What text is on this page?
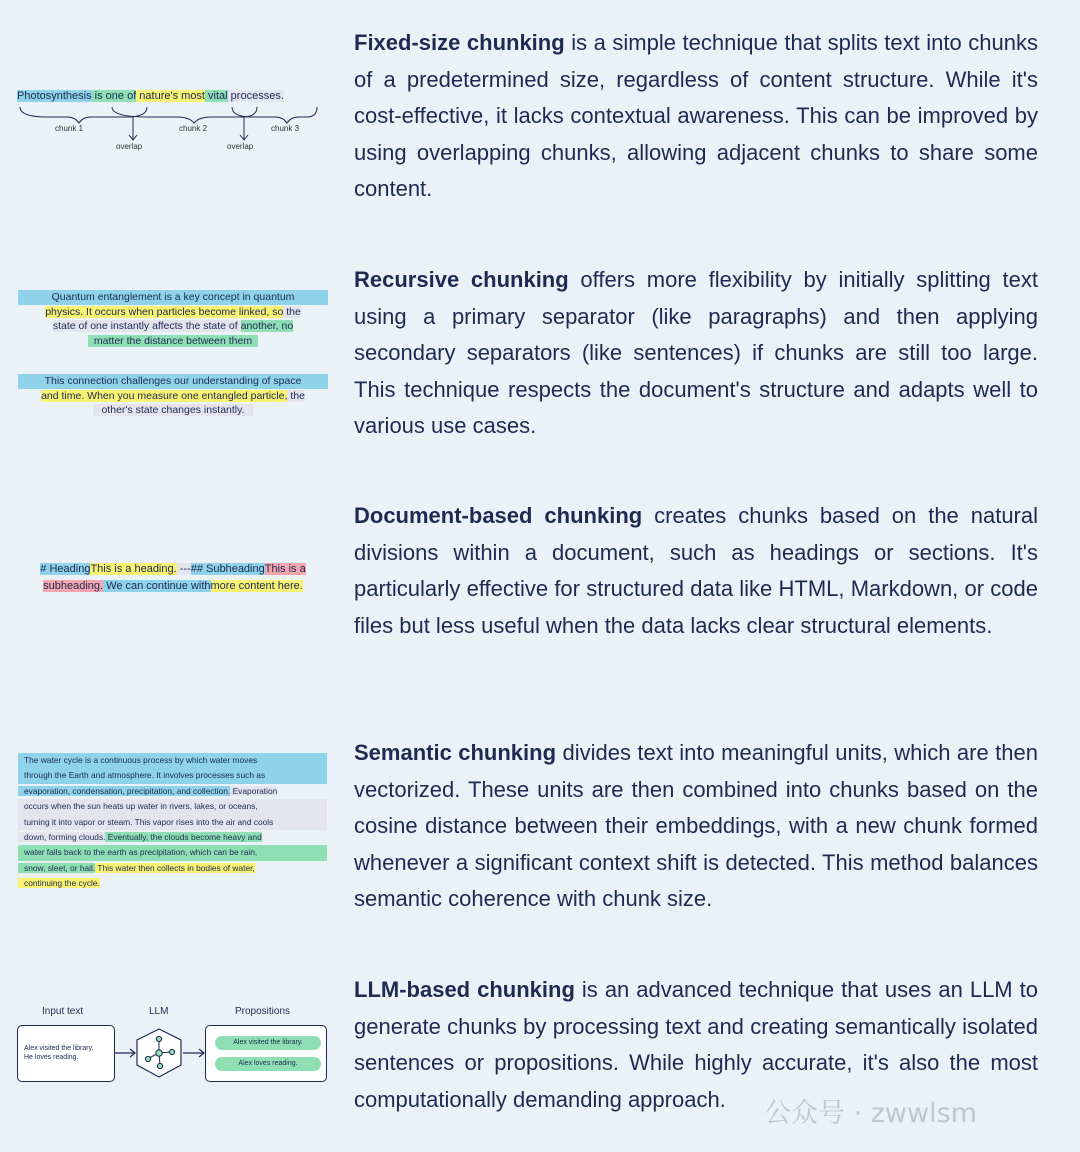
Photosynthesis is one of nature's most vital processes.
chunk 1	chunk 2	chunk 3
overlap	overlap
Fixed-size chunking is a simple technique that splits text into chunks of a predetermined size, regardless of content structure. While it's cost-effective, it lacks contextual awareness. This can be improved by using overlapping chunks, allowing adjacent chunks to share some content.
Quantum entanglement is a key concept in quantum
physics. It occurs when particles become linked, so the
state of one instantly affects the state of another, no
matter the distance between them
This connection challenges our understanding of space
and time. When you measure one entangled particle, the
other's state changes instantly.
Recursive chunking offers more flexibility by initially splitting text using a primary separator (like paragraphs) and then applying secondary separators (like sentences) if chunks are still too large. This technique respects the document's structure and adapts well to various use cases.
# HeadingThis is a heading. ---## SubheadingThis is a
subheading. We can continue withmore content here.
Document-based chunking creates chunks based on the natural divisions within a document, such as headings or sections. It's particularly effective for structured data like HTML, Markdown, or code files but less useful when the data lacks clear structural elements.
The water cycle is a continuous process by which water moves
through the Earth and atmosphere. It involves processes such as
evaporation, condensation, precipitation, and collection. Evaporation
occurs when the sun heats up water in rivers, lakes, or oceans,
turning it into vapor or steam. This vapor rises into the air and cools
down, forming clouds. Eventually, the clouds become heavy and
water falls back to the earth as precipitation, which can be rain,
snow, sleet, or hail. This water then collects in bodies of water,
continuing the cycle.
Semantic chunking divides text into meaningful units, which are then vectorized. These units are then combined into chunks based on the cosine distance between their embeddings, with a new chunk formed whenever a significant context shift is detected. This method balances semantic coherence with chunk size.
Input text	LLM	Propositions
Alex visited the library.
He loves reading.
Alex visited the library.
Alex loves reading.
LLM-based chunking is an advanced technique that uses an LLM to generate chunks by processing text and creating semantically isolated sentences or propositions. While highly accurate, it's also the most computationally demanding approach.	公众号 · zwwlsm
